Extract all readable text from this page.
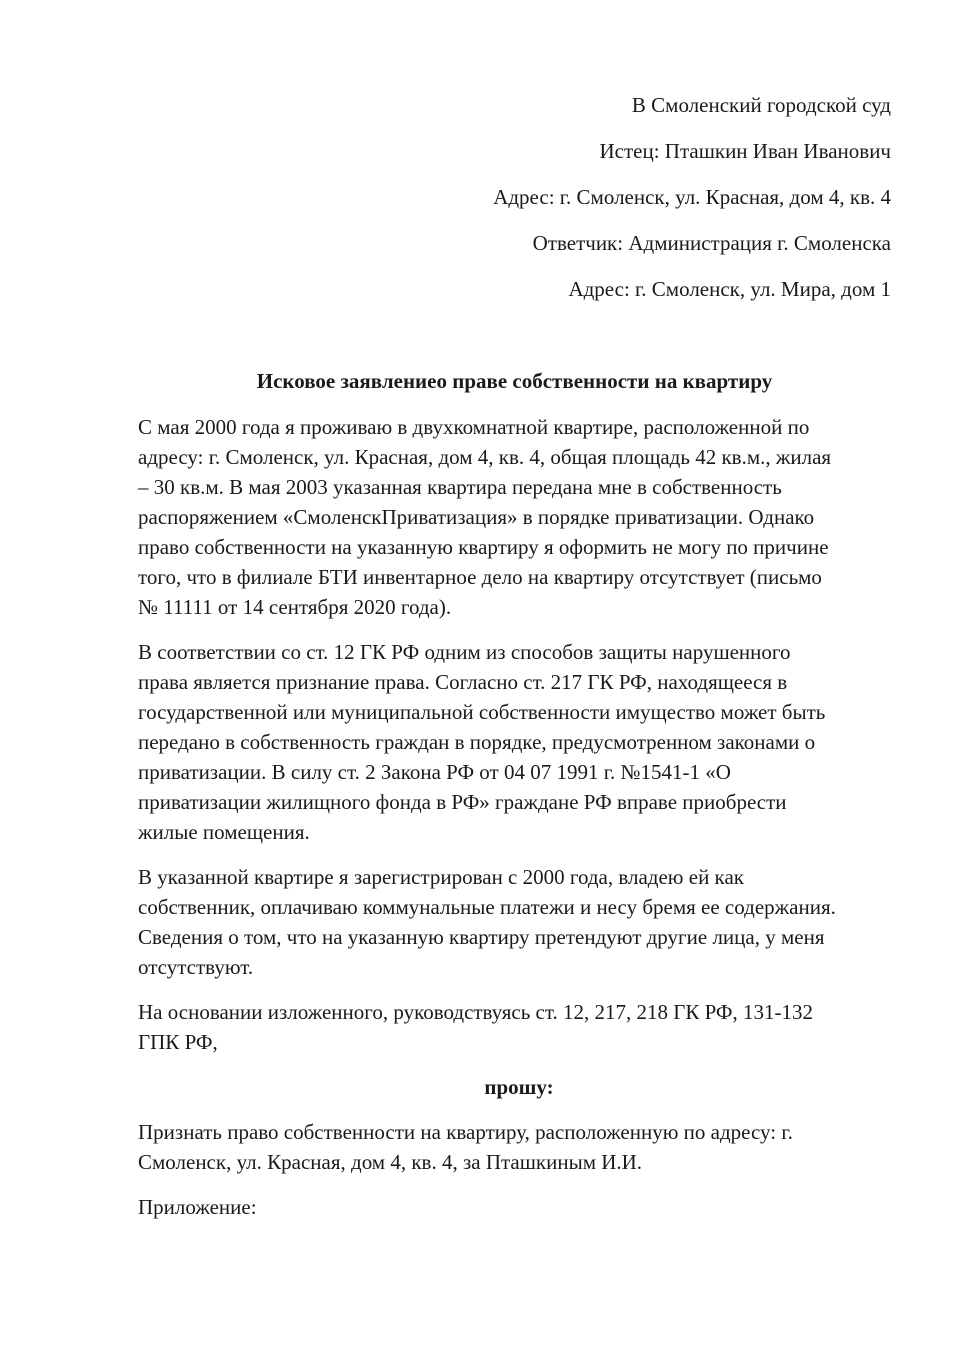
В Смоленский городской суд
Истец: Пташкин Иван Иванович
Адрес: г. Смоленск, ул. Красная, дом 4, кв. 4
Ответчик: Администрация г. Смоленска
Адрес: г. Смоленск, ул. Мира, дом 1
Исковое заявлениео праве собственности на квартиру
С мая 2000 года я проживаю в двухкомнатной квартире, расположенной по
адресу: г. Смоленск, ул. Красная, дом 4, кв. 4, общая площадь 42 кв.м., жилая
– 30 кв.м. В мая 2003 указанная квартира передана мне в собственность
распоряжением «СмоленскПриватизация» в порядке приватизации. Однако
право собственности на указанную квартиру я оформить не могу по причине
того, что в филиале БТИ инвентарное дело на квартиру отсутствует (письмо
№ 11111 от 14 сентября 2020 года).
В соответствии со ст. 12 ГК РФ одним из способов защиты нарушенного
права является признание права. Согласно ст. 217 ГК РФ, находящееся в
государственной или муниципальной собственности имущество может быть
передано в собственность граждан в порядке, предусмотренном законами о
приватизации. В силу ст. 2 Закона РФ от 04 07 1991 г. №1541-1 «О
приватизации жилищного фонда в РФ» граждане РФ вправе приобрести
жилые помещения.
В указанной квартире я зарегистрирован с 2000 года, владею ей как
собственник, оплачиваю коммунальные платежи и несу бремя ее содержания.
Сведения о том, что на указанную квартиру претендуют другие лица, у меня
отсутствуют.
На основании изложенного, руководствуясь ст. 12, 217, 218 ГК РФ, 131-132
ГПК РФ,
прошу:
Признать право собственности на квартиру, расположенную по адресу: г.
Смоленск, ул. Красная, дом 4, кв. 4, за Пташкиным И.И.
Приложение:
